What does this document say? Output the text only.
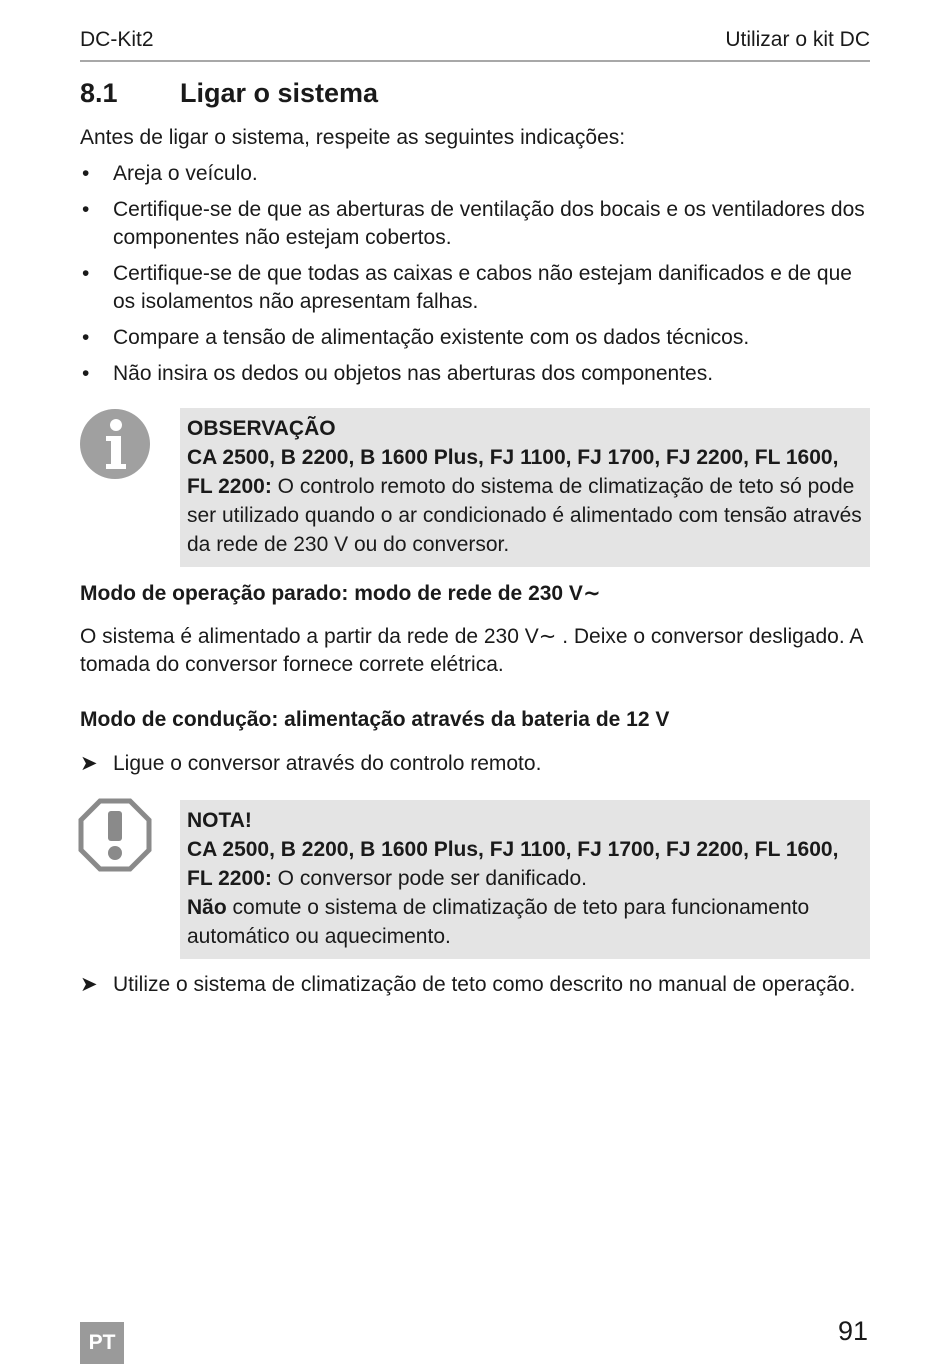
DC-Kit2	Utilizar o kit DC
8.1 Ligar o sistema
Antes de ligar o sistema, respeite as seguintes indicações:
• Areja o veículo.
• Certifique-se de que as aberturas de ventilação dos bocais e os ventiladores dos componentes não estejam cobertos.
• Certifique-se de que todas as caixas e cabos não estejam danificados e de que os isolamentos não apresentam falhas.
• Compare a tensão de alimentação existente com os dados técnicos.
• Não insira os dedos ou objetos nas aberturas dos componentes.
OBSERVAÇÃO
CA 2500, B 2200, B 1600 Plus, FJ 1100, FJ 1700, FJ 2200, FL 1600, FL 2200: O controlo remoto do sistema de climatização de teto só pode ser utilizado quando o ar condicionado é alimentado com tensão através da rede de 230 V ou do conversor.
Modo de operação parado: modo de rede de 230 V∼
O sistema é alimentado a partir da rede de 230 V∼ . Deixe o conversor desligado. A tomada do conversor fornece correte elétrica.
Modo de condução: alimentação através da bateria de 12 V
➤ Ligue o conversor através do controlo remoto.
NOTA!
CA 2500, B 2200, B 1600 Plus, FJ 1100, FJ 1700, FJ 2200, FL 1600, FL 2200: O conversor pode ser danificado.
Não comute o sistema de climatização de teto para funcionamento automático ou aquecimento.
➤ Utilize o sistema de climatização de teto como descrito no manual de operação.
PT	91
